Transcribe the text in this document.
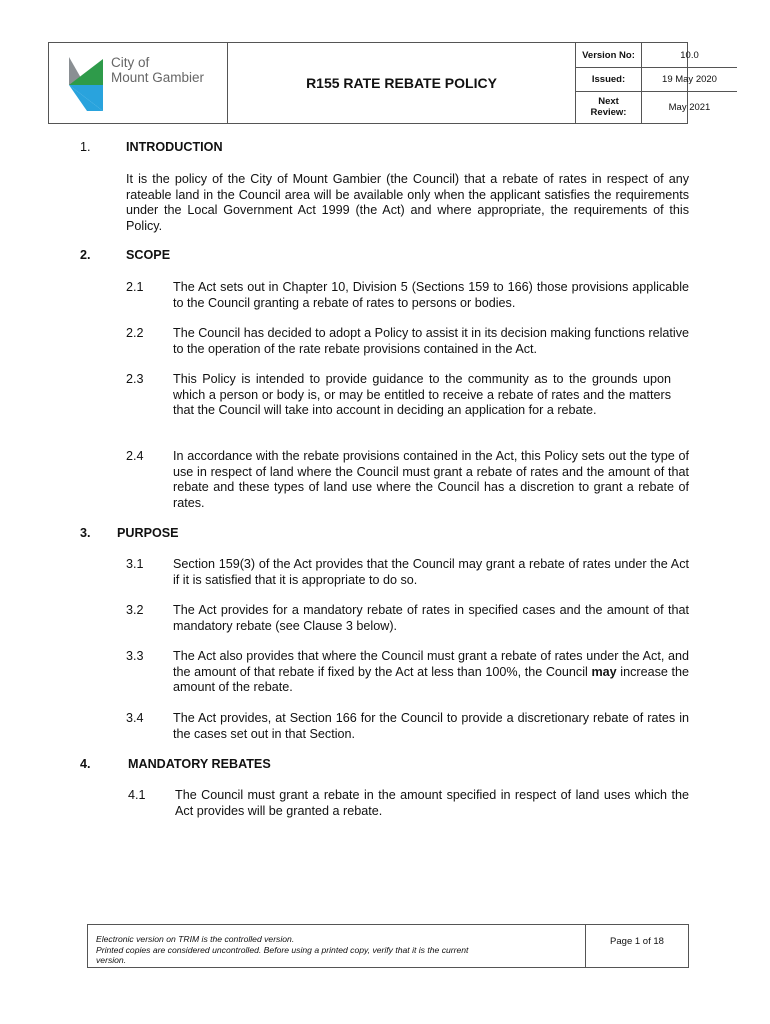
City of
Mount Gambier	R155 RATE REBATE POLICY
Version No:	10.0
Issued:	19 May 2020
Next
Review:	May 2021
1.	INTRODUCTION
It is the policy of the City of Mount Gambier (the Council) that a rebate of rates in respect of any rateable land in the Council area will be available only when the applicant satisfies the requirements under the Local Government Act 1999 (the Act) and where appropriate, the requirements of this Policy.
2.	SCOPE
2.1 The Act sets out in Chapter 10, Division 5 (Sections 159 to 166) those provisions applicable to the Council granting a rebate of rates to persons or bodies.
2.2 The Council has decided to adopt a Policy to assist it in its decision making functions relative to the operation of the rate rebate provisions contained in the Act.
2.3 This Policy is intended to provide guidance to the community as to the grounds upon which a person or body is, or may be entitled to receive a rebate of rates and the matters that the Council will take into account in deciding an application for a rebate.
2.4 In accordance with the rebate provisions contained in the Act, this Policy sets out the type of use in respect of land where the Council must grant a rebate of rates and the amount of that rebate and these types of land use where the Council has a discretion to grant a rebate of rates.
3. PURPOSE
3.1 Section 159(3) of the Act provides that the Council may grant a rebate of rates under the Act if it is satisfied that it is appropriate to do so.
3.2 The Act provides for a mandatory rebate of rates in specified cases and the amount of that mandatory rebate (see Clause 3 below).
3.3 The Act also provides that where the Council must grant a rebate of rates under the Act, and the amount of that rebate if fixed by the Act at less than 100%, the Council may increase the amount of the rebate.
3.4 The Act provides, at Section 166 for the Council to provide a discretionary rebate of rates in the cases set out in that Section.
4.	MANDATORY REBATES
4.1 The Council must grant a rebate in the amount specified in respect of land uses which the Act provides will be granted a rebate.
Electronic version on TRIM is the controlled version.
Printed copies are considered uncontrolled. Before using a printed copy, verify that it is the current
version.
Page 1 of 18
